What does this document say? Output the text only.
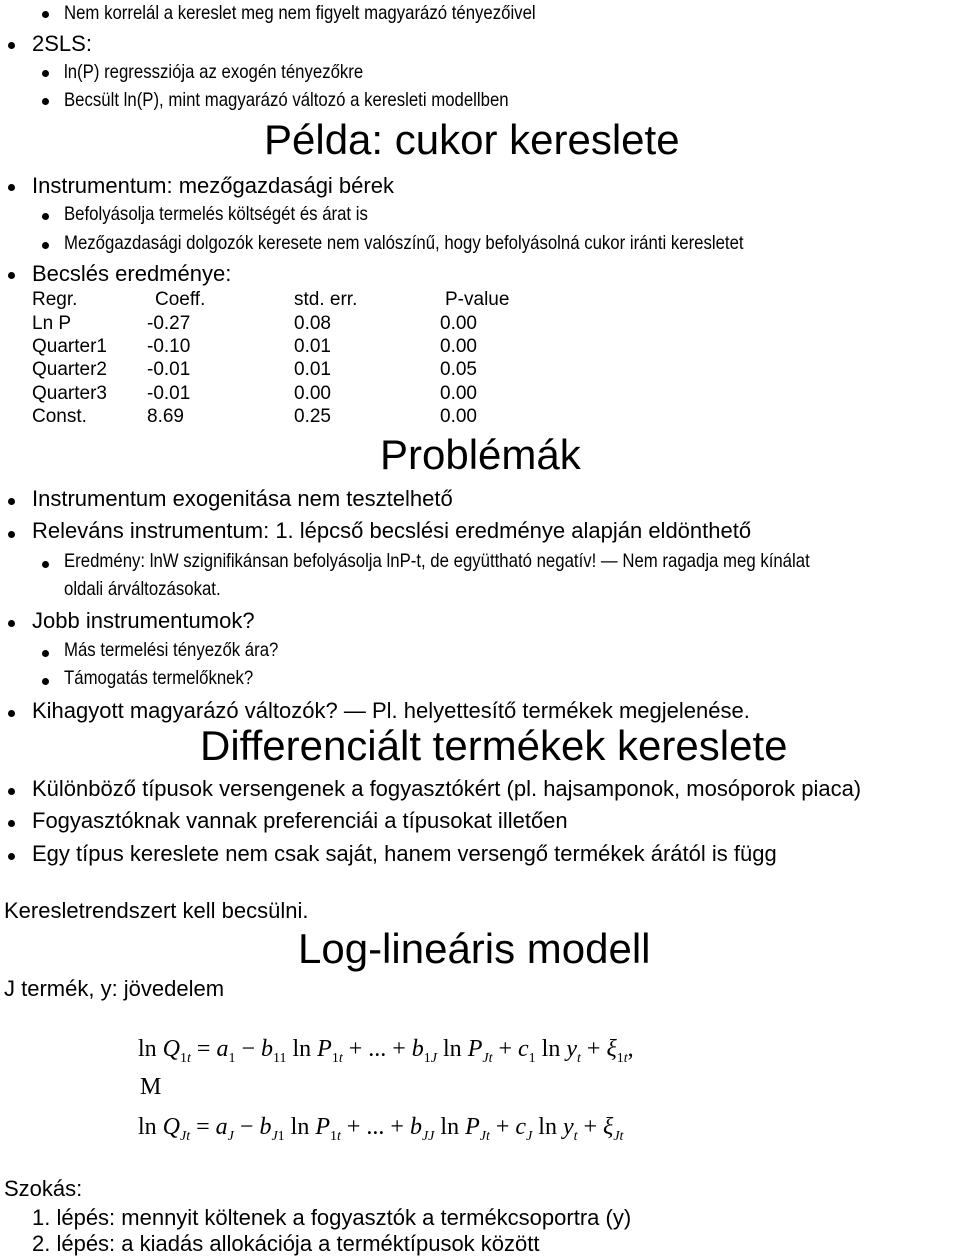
Nem korrelál a kereslet meg nem figyelt magyarázó tényezőivel
2SLS:
ln(P) regressziója az exogén tényezőkre
Becsült ln(P), mint magyarázó változó a keresleti modellben
Példa: cukor kereslete
Instrumentum: mezőgazdasági bérek
Befolyásolja termelés költségét és árat is
Mezőgazdasági dolgozók keresete nem valószínű, hogy befolyásolná cukor iránti keresletet
Becslés eredménye:
Regr.	Coeff.	std. err.	P-value
Ln P	-0.27	0.08	0.00
Quarter1 -0.10	0.01	0.00
Quarter2 -0.01	0.01	0.05
Quarter3 -0.01	0.00	0.00
Const.	8.69	0.25	0.00
Problémák
Instrumentum exogenitása nem tesztelhető
Releváns instrumentum: 1. lépcső becslési eredménye alapján eldönthető
Eredmény: lnW szignifikánsan befolyásolja lnP-t, de együttható negatív! — Nem ragadja meg kínálat
oldali árváltozásokat.
Jobb instrumentumok?
Más termelési tényezők ára?
Támogatás termelőknek?
Kihagyott magyarázó változók? — Pl. helyettesítő termékek megjelenése.
Differenciált termékek kereslete
Különböző típusok versengenek a fogyasztókért (pl. hajsamponok, mosóporok piaca)
Fogyasztóknak vannak preferenciái a típusokat illetően
Egy típus kereslete nem csak saját, hanem versengő termékek árától is függ
Keresletrendszert kell becsülni.
Log-lineáris modell
J termék, y: jövedelem
$\ln Q_{1t} = a_1 - b_{11}$ $\ln P_{1t}$ + ... + $b_{1J}$ $\ln P_{Jt} + c_1$ $\ln y_t + \xi_{1t}$,
M
$\ln Q_{Jt} = a_J - b_{J1}$ $\ln P_{1t}$ + ... + $b_{JJ}$ $\ln P_{Jt} + c_J$ $\ln y_t + \xi_{Jt}$
Szokás:
1. lépés: mennyit költenek a fogyasztók a termékcsoportra (y)
2. lépés: a kiadás allokációja a terméktípusok között
